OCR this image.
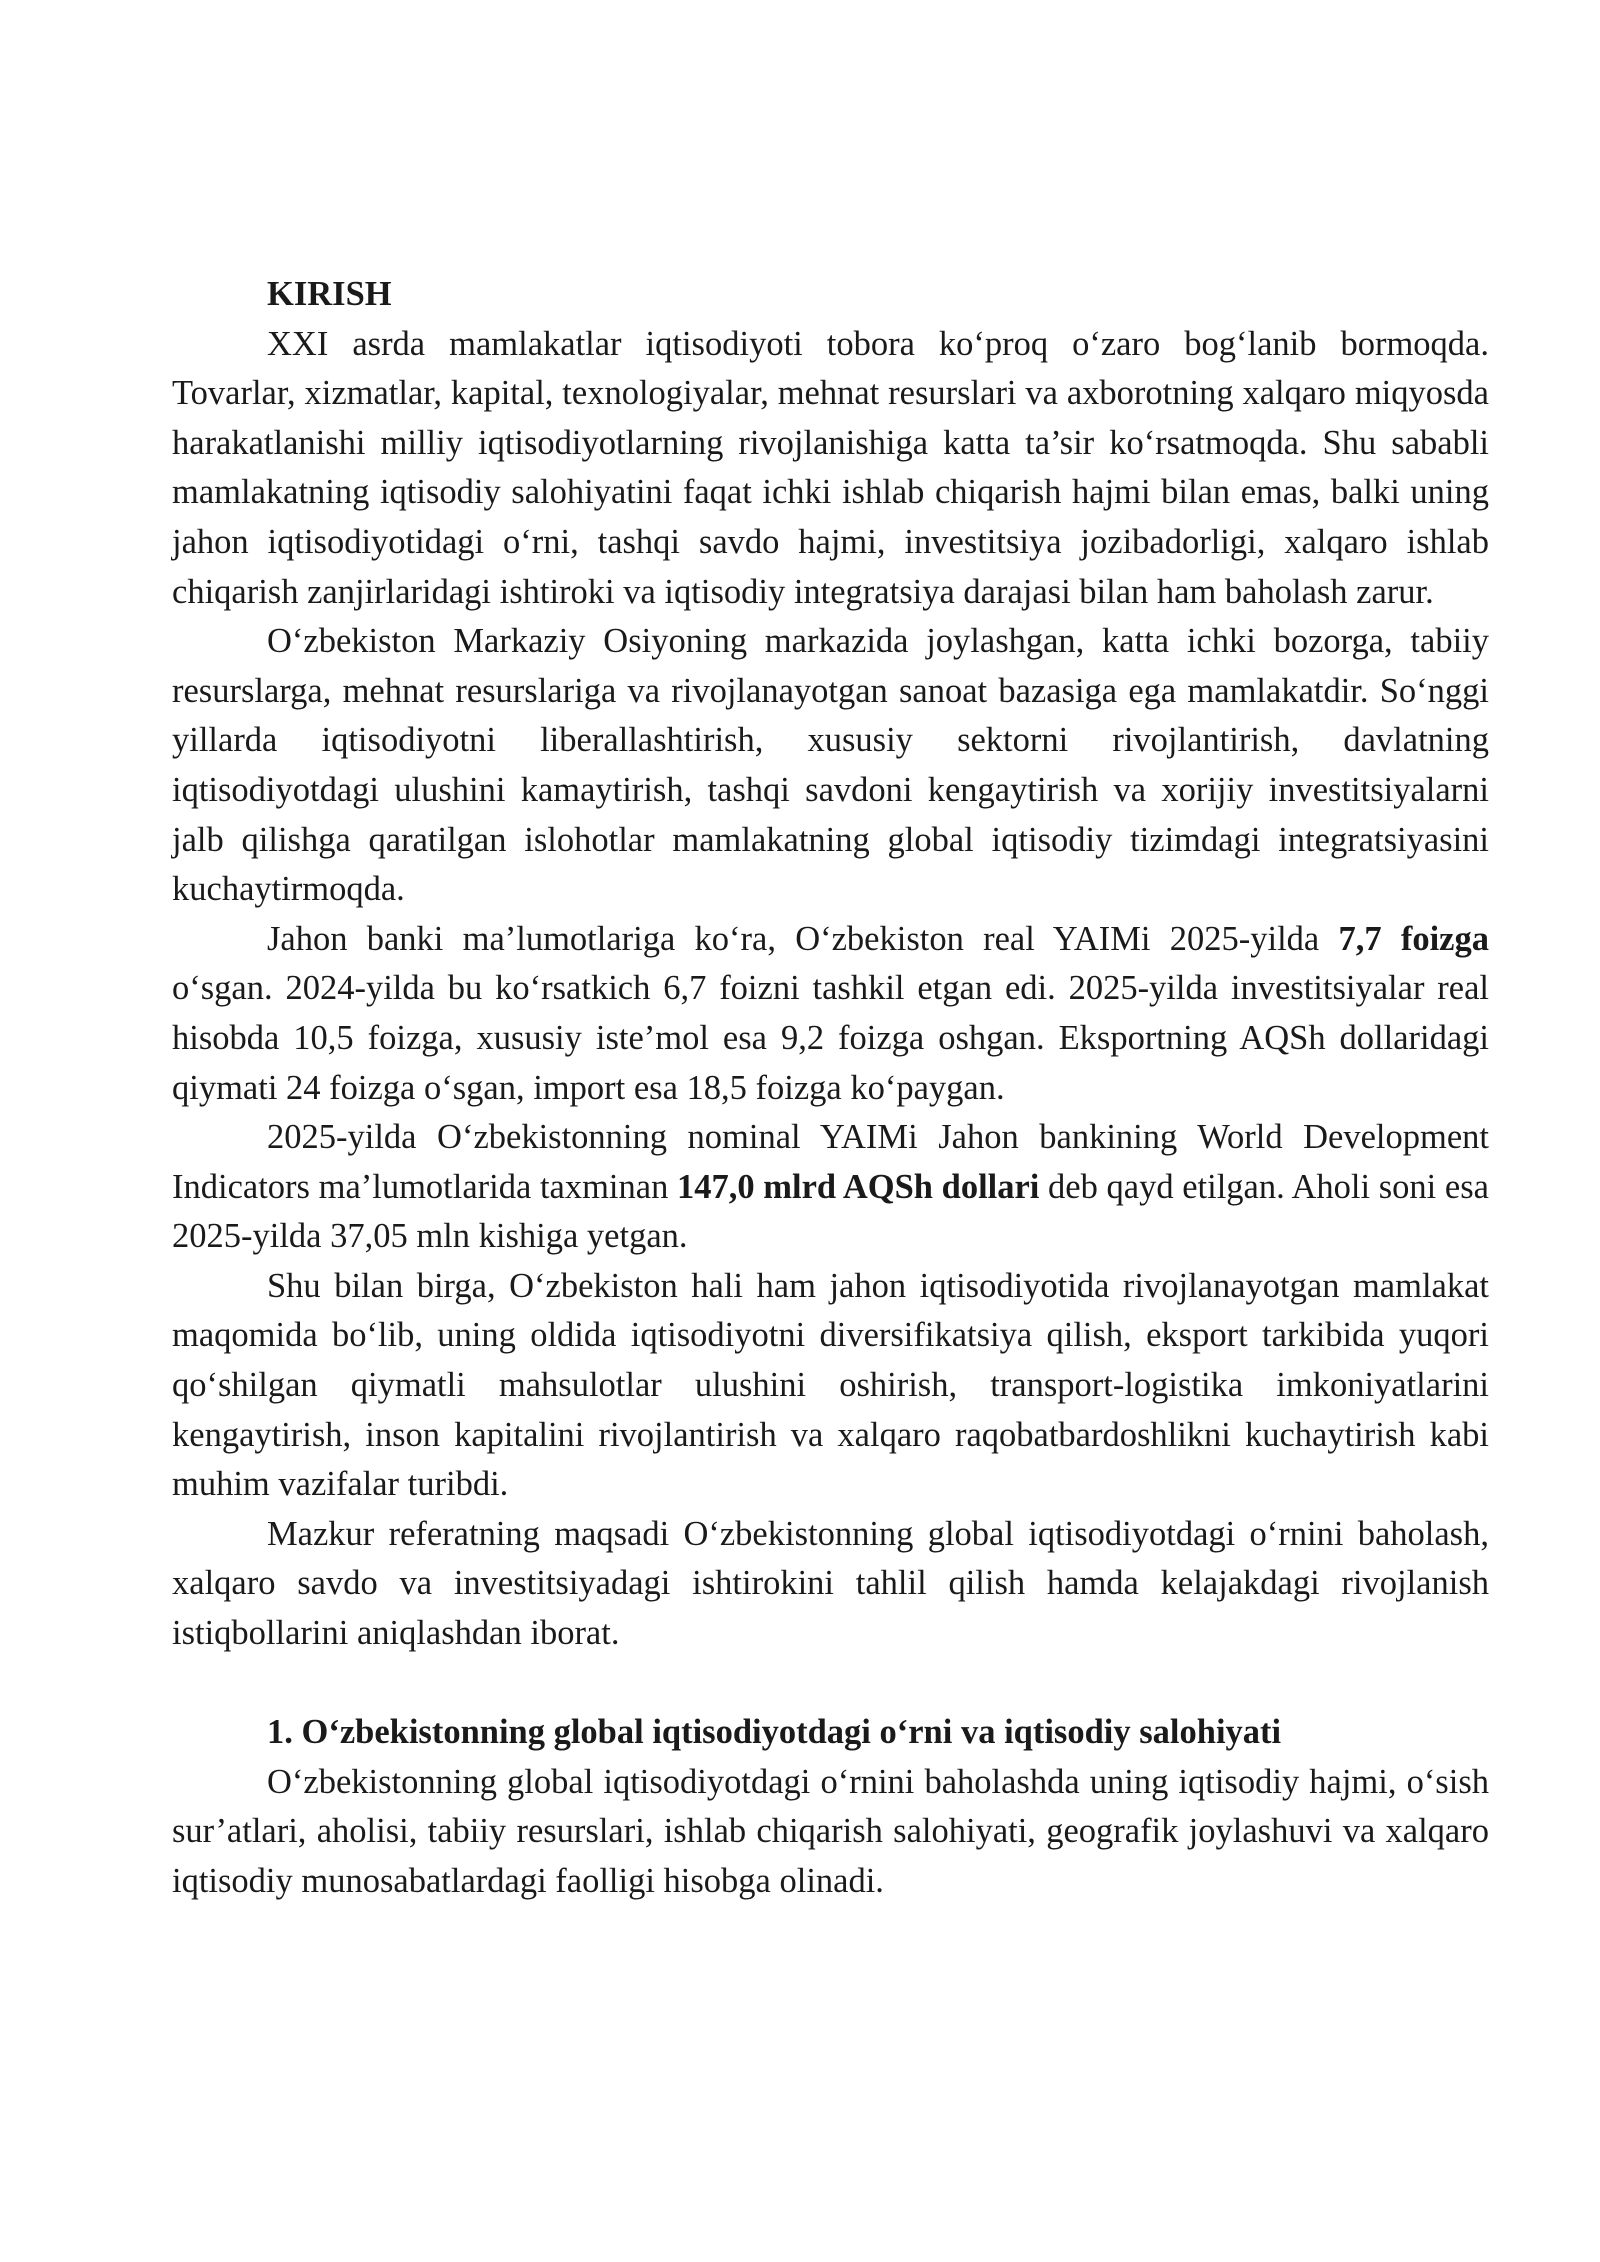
KIRISH

XXI asrda mamlakatlar iqtisodiyoti tobora ko‘proq o‘zaro bog‘lanib bormoqda. Tovarlar, xizmatlar, kapital, texnologiyalar, mehnat resurslari va axborotning xalqaro miqyosda harakatlanishi milliy iqtisodiyotlarning rivojlanishiga katta ta’sir ko‘rsatmoqda. Shu sababli mamlakatning iqtisodiy salohiyatini faqat ichki ishlab chiqarish hajmi bilan emas, balki uning jahon iqtisodiyotidagi o‘rni, tashqi savdo hajmi, investitsiya jozibadorligi, xalqaro ishlab chiqarish zanjirlaridagi ishtiroki va iqtisodiy integratsiya darajasi bilan ham baholash zarur.

O‘zbekiston Markaziy Osiyoning markazida joylashgan, katta ichki bozorga, tabiiy resurslarga, mehnat resurslariga va rivojlanayotgan sanoat bazasiga ega mamlakatdir. So‘nggi yillarda iqtisodiyotni liberallashtirish, xususiy sektorni rivojlantirish, davlatning iqtisodiyotdagi ulushini kamaytirish, tashqi savdoni kengaytirish va xorijiy investitsiyalarni jalb qilishga qaratilgan islohotlar mamlakatning global iqtisodiy tizimdagi integratsiyasini kuchaytirmoqda.

Jahon banki ma’lumotlariga ko‘ra, O‘zbekiston real YAIMi 2025-yilda 7,7 foizga o‘sgan. 2024-yilda bu ko‘rsatkich 6,7 foizni tashkil etgan edi. 2025-yilda investitsiyalar real hisobda 10,5 foizga, xususiy iste’mol esa 9,2 foizga oshgan. Eksportning AQSh dollaridagi qiymati 24 foizga o‘sgan, import esa 18,5 foizga ko‘paygan.

2025-yilda O‘zbekistonning nominal YAIMi Jahon bankining World Development Indicators ma’lumotlarida taxminan 147,0 mlrd AQSh dollari deb qayd etilgan. Aholi soni esa 2025-yilda 37,05 mln kishiga yetgan.

Shu bilan birga, O‘zbekiston hali ham jahon iqtisodiyotida rivojlanayotgan mamlakat maqomida bo‘lib, uning oldida iqtisodiyotni diversifikatsiya qilish, eksport tarkibida yuqori qo‘shilgan qiymatli mahsulotlar ulushini oshirish, transport-logistika imkoniyatlarini kengaytirish, inson kapitalini rivojlantirish va xalqaro raqobatbardoshlikni kuchaytirish kabi muhim vazifalar turibdi.

Mazkur referatning maqsadi O‘zbekistonning global iqtisodiyotdagi o‘rnini baholash, xalqaro savdo va investitsiyadagi ishtirokini tahlil qilish hamda kelajakdagi rivojlanish istiqbollarini aniqlashdan iborat.

1. O‘zbekistonning global iqtisodiyotdagi o‘rni va iqtisodiy salohiyati

O‘zbekistonning global iqtisodiyotdagi o‘rnini baholashda uning iqtisodiy hajmi, o‘sish sur’atlari, aholisi, tabiiy resurslari, ishlab chiqarish salohiyati, geografik joylashuvi va xalqaro iqtisodiy munosabatlardagi faolligi hisobga olinadi.
